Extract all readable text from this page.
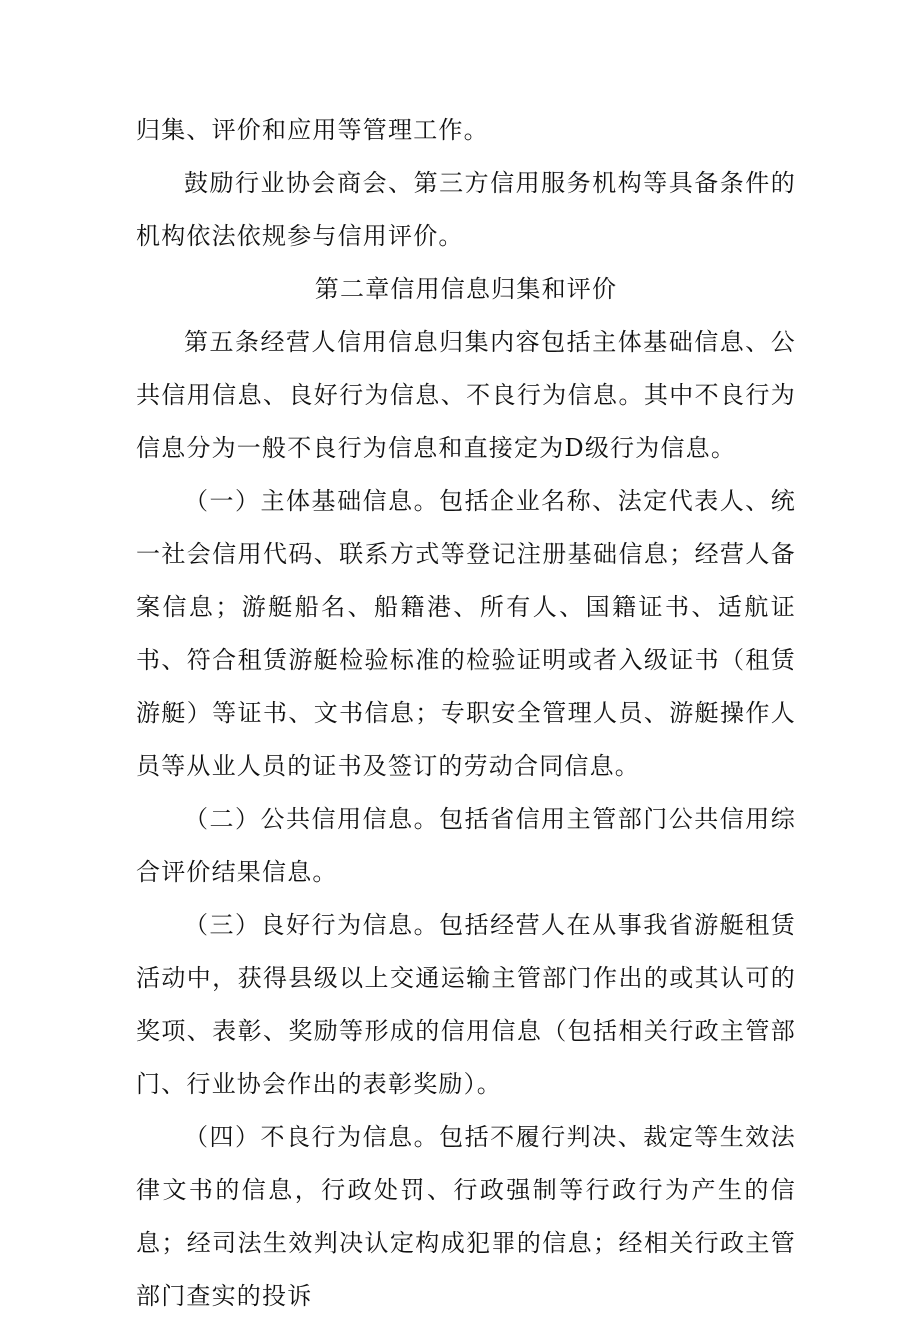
归集、评价和应用等管理工作。

鼓励行业协会商会、第三方信用服务机构等具备条件的机构依法依规参与信用评价。

第二章信用信息归集和评价

第五条经营人信用信息归集内容包括主体基础信息、公共信用信息、良好行为信息、不良行为信息。其中不良行为信息分为一般不良行为信息和直接定为D级行为信息。

（一）主体基础信息。包括企业名称、法定代表人、统一社会信用代码、联系方式等登记注册基础信息；经营人备案信息；游艇船名、船籍港、所有人、国籍证书、适航证书、符合租赁游艇检验标准的检验证明或者入级证书（租赁游艇）等证书、文书信息；专职安全管理人员、游艇操作人员等从业人员的证书及签订的劳动合同信息。

（二）公共信用信息。包括省信用主管部门公共信用综合评价结果信息。

（三）良好行为信息。包括经营人在从事我省游艇租赁活动中，获得县级以上交通运输主管部门作出的或其认可的奖项、表彰、奖励等形成的信用信息（包括相关行政主管部门、行业协会作出的表彰奖励）。

（四）不良行为信息。包括不履行判决、裁定等生效法律文书的信息，行政处罚、行政强制等行政行为产生的信息；经司法生效判决认定构成犯罪的信息；经相关行政主管部门查实的投诉
